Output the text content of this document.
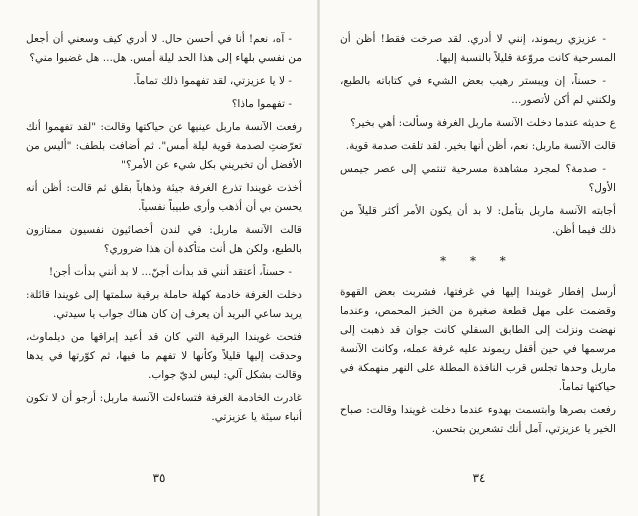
- آه، نعم! أنا في أحسن حال. لا أدري كيف وسعني أن أجعل من نفسي بلهاء إلى هذا الحد ليلة أمس. هل... هل غضبوا مني؟

- لا يا عزيزتي، لقد تفهموا ذلك تماماً.

- تفهموا ماذا؟

رفعت الآنسة ماربل عينيها عن حياكتها وقالت: "لقد تفهموا أنك تعرّضتِ لصدمة قوية ليلة أمس". ثم أضافت بلطف: "أليس من الأفضل أن تخبريني بكل شيء عن الأمر؟"

أخذت غويندا تذرع الغرفة جيئة وذهاباً بقلق ثم قالت: أظن أنه يحسن بي أن أذهب وأرى طبيباً نفسياً.

قالت الآنسة ماربل: في لندن أخصائيون نفسيون ممتازون بالطبع، ولكن هل أنت متأكدة أن هذا ضروري؟

- حسناً، أعتقد أنني قد بدأت أجنّ... لا بد أنني بدأت أجن!

دخلت الغرفة خادمة كهلة حاملة برقية سلمتها إلى غويندا قائلة: يريد ساعي البريد أن يعرف إن كان هناك جواب يا سيدتي.

فتحت غويندا البرقية التي كان قد أعيد إبراقها من ديلماوث، وحدقت إليها قليلاً وكأنها لا تفهم ما فيها، ثم كوّرتها في يدها وقالت بشكل آلي: ليس لديّ جواب.

غادرت الخادمة الغرفة فتساءلت الآنسة ماربل: أرجو أن لا تكون أنباء سيئة يا عزيزتي.

٣٥

- عزيزي ريموند، إنني لا أدري. لقد صرخت فقط! أظن أن المسرحية كانت مروّعة قليلاً بالنسبة إليها.

- حسناً، إن ويبستر رهيب بعض الشيء في كتاباته بالطبع، ولكنني لم أكن لأتصور...

ع حديثه عندما دخلت الآنسة ماربل الغرفة وسألت: أهي بخير؟

قالت الآنسة ماربل: نعم، أظن أنها بخير. لقد تلقت صدمة قوية.

- صدمة؟ لمجرد مشاهدة مسرحية تنتمي إلى عصر جيمس الأول؟

أجابته الآنسة ماربل بتأمل: لا بد أن يكون الأمر أكثر قليلاً من ذلك فيما أظن.

* * *

أرسل إفطار غويندا إليها في غرفتها، فشربت بعض القهوة وقضمت على مهل قطعة صغيرة من الخبز المحمص، وعندما نهضت ونزلت إلى الطابق السفلي كانت جوان قد ذهبت إلى مرسمها في حين أقفل ريموند عليه غرفة عمله، وكانت الآنسة ماربل وحدها تجلس قرب النافذة المطلة على النهر منهمكة في حياكتها تماماً.

رفعت بصرها وابتسمت بهدوء عندما دخلت غويندا وقالت: صباح الخير يا عزيزتي، آمل أنك تشعرين بتحسن.

٣٤
